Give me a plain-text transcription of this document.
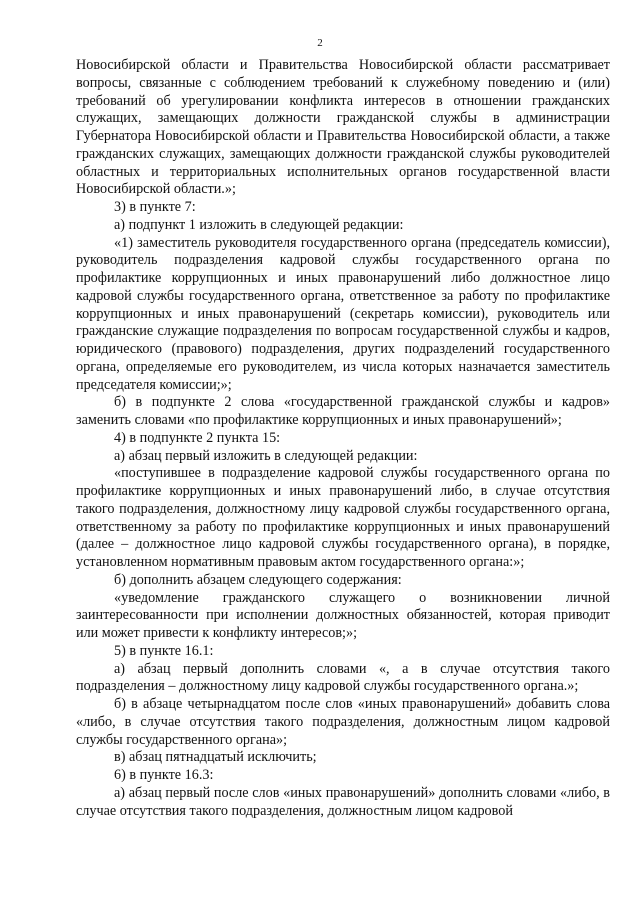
2

Новосибирской области и Правительства Новосибирской области рассматривает вопросы, связанные с соблюдением требований к служебному поведению и (или) требований об урегулировании конфликта интересов в отношении гражданских служащих, замещающих должности гражданской службы в администрации Губернатора Новосибирской области и Правительства Новосибирской области, а также гражданских служащих, замещающих должности гражданской службы руководителей областных и территориальных исполнительных органов государственной власти Новосибирской области.»;

3) в пункте 7:

а) подпункт 1 изложить в следующей редакции:

«1) заместитель руководителя государственного органа (председатель комиссии), руководитель подразделения кадровой службы государственного органа по профилактике коррупционных и иных правонарушений либо должностное лицо кадровой службы государственного органа, ответственное за работу по профилактике коррупционных и иных правонарушений (секретарь комиссии), руководитель или гражданские служащие подразделения по вопросам государственной службы и кадров, юридического (правового) подразделения, других подразделений государственного органа, определяемые его руководителем, из числа которых назначается заместитель председателя комиссии;»;

б) в подпункте 2 слова «государственной гражданской службы и кадров» заменить словами «по профилактике коррупционных и иных правонарушений»;

4) в подпункте 2 пункта 15:

а) абзац первый изложить в следующей редакции:

«поступившее в подразделение кадровой службы государственного органа по профилактике коррупционных и иных правонарушений либо, в случае отсутствия такого подразделения, должностному лицу кадровой службы государственного органа, ответственному за работу по профилактике коррупционных и иных правонарушений (далее – должностное лицо кадровой службы государственного органа), в порядке, установленном нормативным правовым актом государственного органа:»;

б) дополнить абзацем следующего содержания:

«уведомление гражданского служащего о возникновении личной заинтересованности при исполнении должностных обязанностей, которая приводит или может привести к конфликту интересов;»;

5) в пункте 16.1:

а) абзац первый дополнить словами «, а в случае отсутствия такого подразделения – должностному лицу кадровой службы государственного органа.»;

б) в абзаце четырнадцатом после слов «иных правонарушений» добавить слова «либо, в случае отсутствия такого подразделения, должностным лицом кадровой службы государственного органа»;

в) абзац пятнадцатый исключить;

6) в пункте 16.3:

а) абзац первый после слов «иных правонарушений» дополнить словами «либо, в случае отсутствия такого подразделения, должностным лицом кадровой
